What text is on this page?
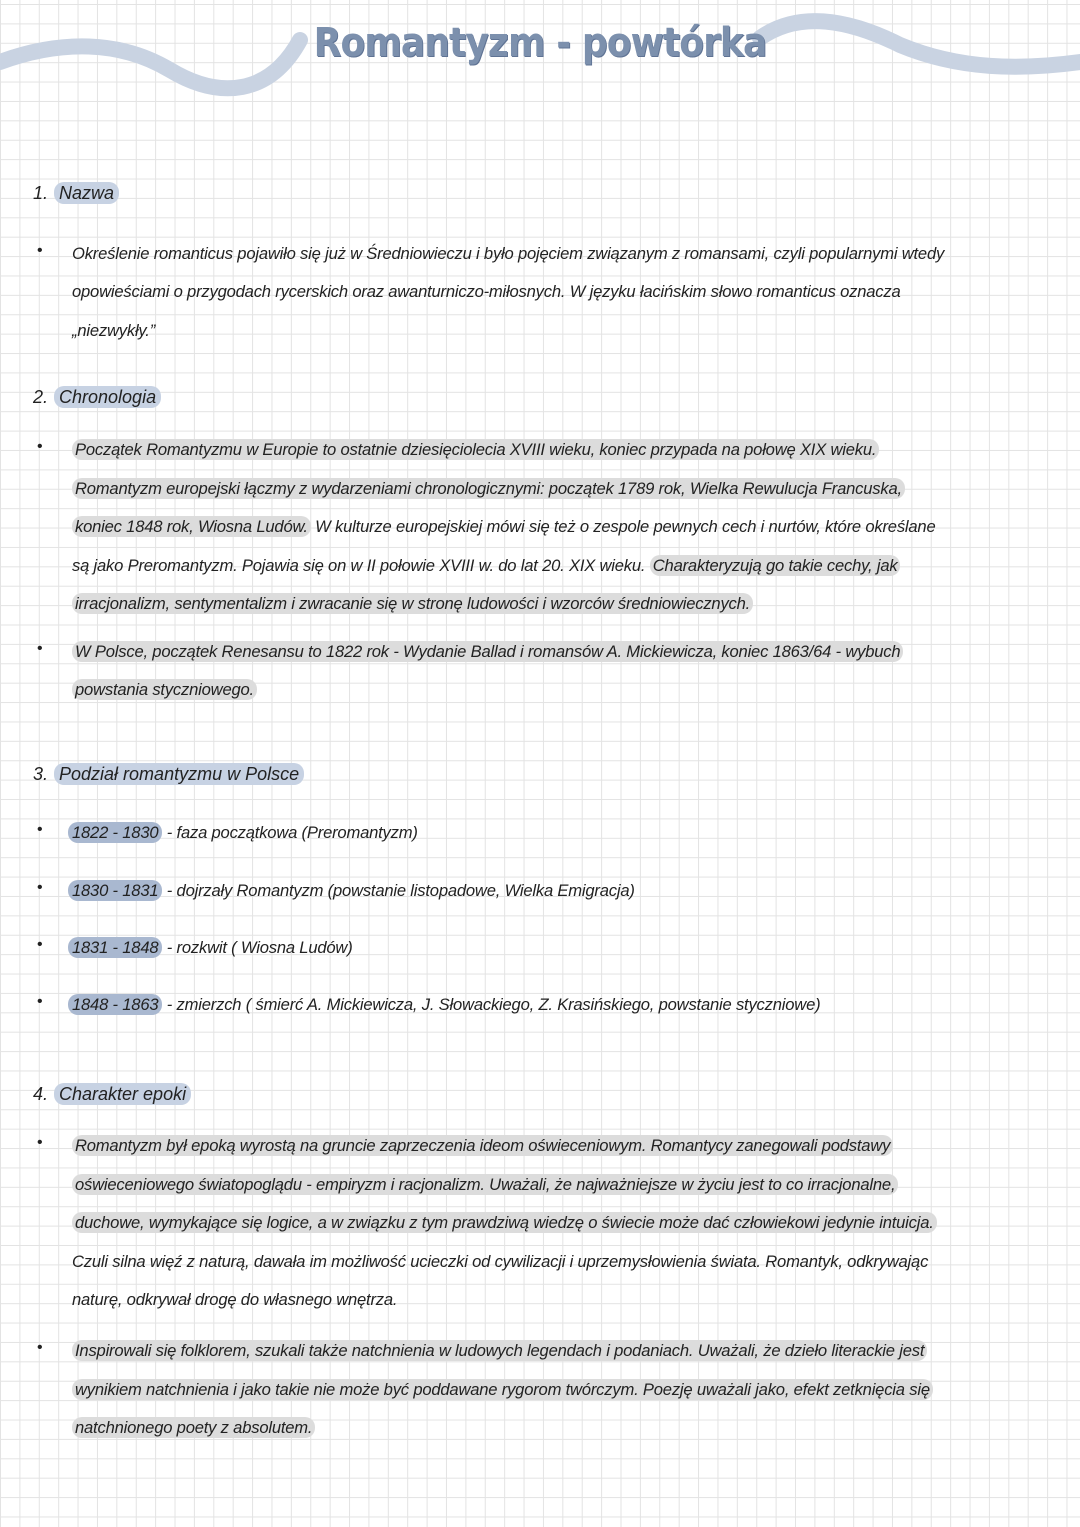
Romantyzm - powtórka
1. Nazwa
• Określenie romanticus pojawiło się już w Średniowieczu i było pojęciem związanym z romansami, czyli popularnymi wtedy
opowieściami o przygodach rycerskich oraz awanturniczo-miłosnych. W języku łacińskim słowo romanticus oznacza
„niezwykły.”
2. Chronologia
• Początek Romantyzmu w Europie to ostatnie dziesięciolecia XVIII wieku, koniec przypada na połowę XIX wieku.
Romantyzm europejski łączmy z wydarzeniami chronologicznymi: początek 1789 rok, Wielka Rewulucja Francuska,
koniec 1848 rok, Wiosna Ludów. W kulturze europejskiej mówi się też o zespole pewnych cech i nurtów, które określane
są jako Preromantyzm. Pojawia się on w II połowie XVIII w. do lat 20. XIX wieku. Charakteryzują go takie cechy, jak
irracjonalizm, sentymentalizm i zwracanie się w stronę ludowości i wzorców średniowiecznych.
• W Polsce, początek Renesansu to 1822 rok - Wydanie Ballad i romansów A. Mickiewicza, koniec 1863/64 - wybuch
powstania styczniowego.
3. Podział romantyzmu w Polsce
• 1822 - 1830 - faza początkowa (Preromantyzm)
• 1830 - 1831 - dojrzały Romantyzm (powstanie listopadowe, Wielka Emigracja)
• 1831 - 1848 - rozkwit ( Wiosna Ludów)
• 1848 - 1863 - zmierzch ( śmierć A. Mickiewicza, J. Słowackiego, Z. Krasińskiego, powstanie styczniowe)
4. Charakter epoki
• Romantyzm był epoką wyrostą na gruncie zaprzeczenia ideom oświeceniowym. Romantycy zanegowali podstawy
oświeceniowego światopoglądu - empiryzm i racjonalizm. Uważali, że najważniejsze w życiu jest to co irracjonalne,
duchowe, wymykające się logice, a w związku z tym prawdziwą wiedzę o świecie może dać człowiekowi jedynie intuicja.
Czuli silna więź z naturą, dawała im możliwość ucieczki od cywilizacji i uprzemysłowienia świata. Romantyk, odkrywając
naturę, odkrywał drogę do własnego wnętrza.
• Inspirowali się folklorem, szukali także natchnienia w ludowych legendach i podaniach. Uważali, że dzieło literackie jest
wynikiem natchnienia i jako takie nie może być poddawane rygorom twórczym. Poezję uważali jako, efekt zetknięcia się
natchnionego poety z absolutem.
